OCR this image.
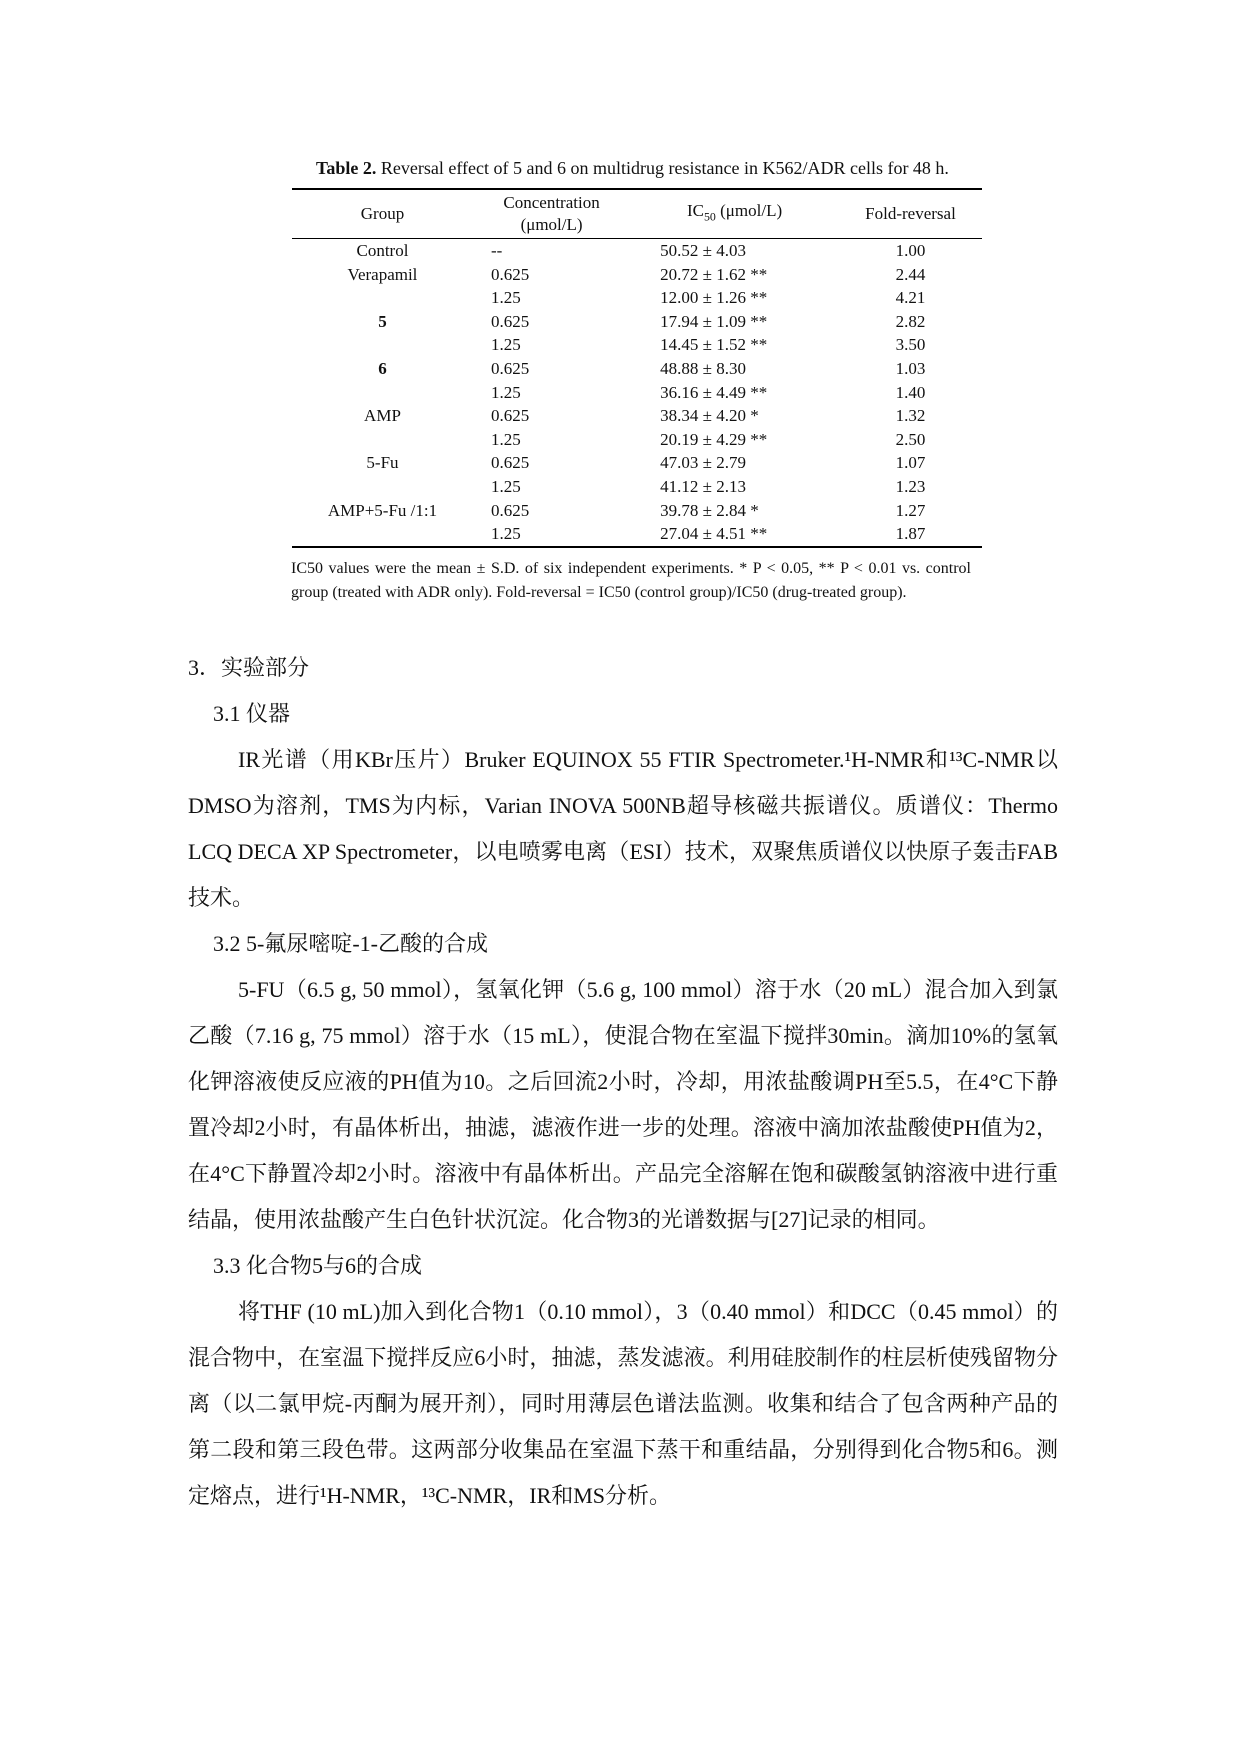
Table 2. Reversal effect of 5 and 6 on multidrug resistance in K562/ADR cells for 48 h.

Group	Concentration (μmol/L)	$IC_{50}$ (μmol/L)	Fold-reversal
Control	--	50.52 ± 4.03	1.00
Verapamil	0.625	20.72 ± 1.62 **	2.44
	1.25	12.00 ± 1.26 **	4.21
5	0.625	17.94 ± 1.09 **	2.82
	1.25	14.45 ± 1.52 **	3.50
6	0.625	48.88 ± 8.30	1.03
	1.25	36.16 ± 4.49 **	1.40
AMP	0.625	38.34 ± 4.20 *	1.32
	1.25	20.19 ± 4.29 **	2.50
5-Fu	0.625	47.03 ± 2.79	1.07
	1.25	41.12 ± 2.13	1.23
AMP+5-Fu /1:1	0.625	39.78 ± 2.84 *	1.27
	1.25	27.04 ± 4.51 **	1.87
IC50 values were the mean ± S.D. of six independent experiments. * P < 0.05, ** P < 0.01 vs. control group (treated with ADR only). Fold-reversal = IC50 (control group)/IC50 (drug-treated group).

3．实验部分

3.1 仪器

IR光谱（用KBr压片）Bruker EQUINOX 55 FTIR Spectrometer.¹H-NMR和¹³C-NMR以DMSO为溶剂，TMS为内标，Varian INOVA 500NB超导核磁共振谱仪。质谱仪：Thermo LCQ DECA XP Spectrometer，以电喷雾电离（ESI）技术，双聚焦质谱仪以快原子轰击FAB技术。

3.2 5-氟尿嘧啶-1-乙酸的合成

5-FU（6.5 g, 50 mmol），氢氧化钾（5.6 g, 100 mmol）溶于水（20 mL）混合加入到氯乙酸（7.16 g, 75 mmol）溶于水（15 mL），使混合物在室温下搅拌30min。滴加10%的氢氧化钾溶液使反应液的PH值为10。之后回流2小时，冷却，用浓盐酸调PH至5.5，在4°C下静置冷却2小时，有晶体析出，抽滤，滤液作进一步的处理。溶液中滴加浓盐酸使PH值为2，在4°C下静置冷却2小时。溶液中有晶体析出。产品完全溶解在饱和碳酸氢钠溶液中进行重结晶，使用浓盐酸产生白色针状沉淀。化合物3的光谱数据与[27]记录的相同。

3.3 化合物5与6的合成

将THF (10 mL)加入到化合物1（0.10 mmol），3（0.40 mmol）和DCC（0.45 mmol）的混合物中，在室温下搅拌反应6小时，抽滤，蒸发滤液。利用硅胶制作的柱层析使残留物分离（以二氯甲烷-丙酮为展开剂），同时用薄层色谱法监测。收集和结合了包含两种产品的第二段和第三段色带。这两部分收集品在室温下蒸干和重结晶，分别得到化合物5和6。测定熔点，进行¹H-NMR，¹³C-NMR，IR和MS分析。
